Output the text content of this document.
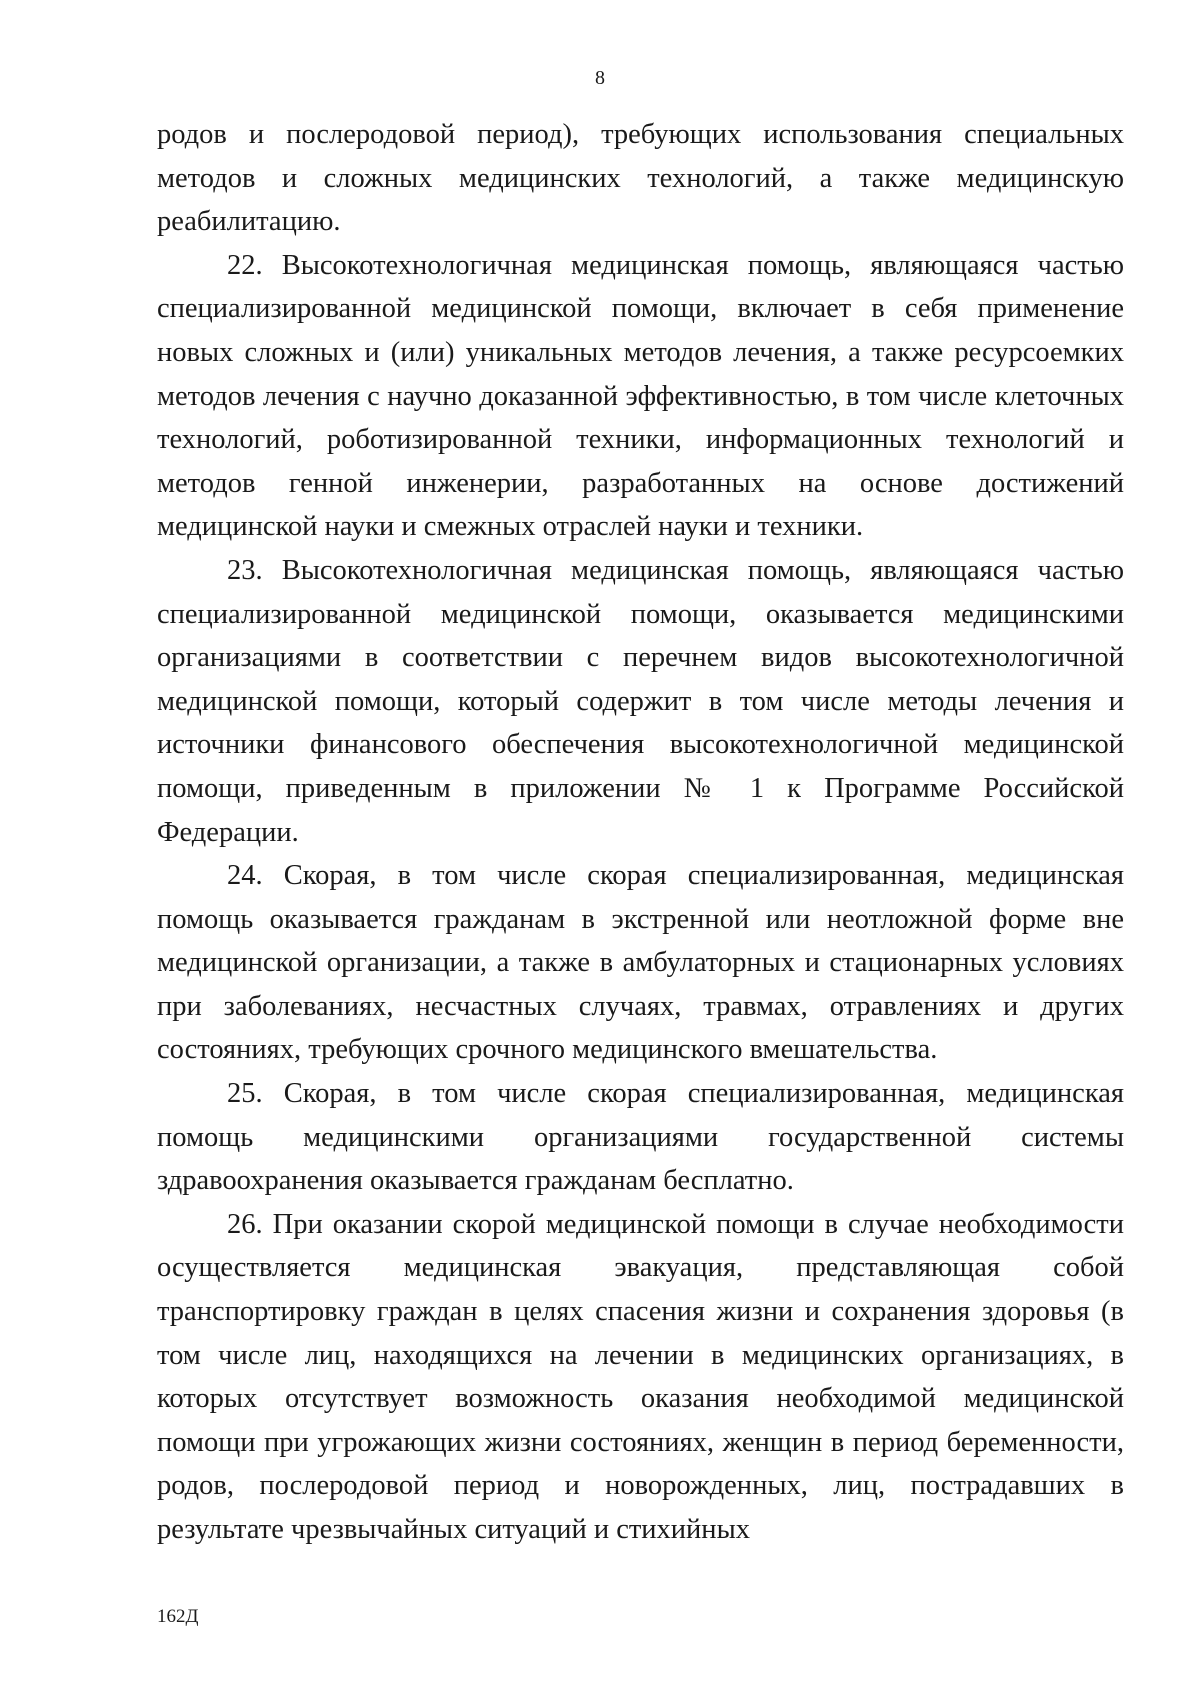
8

родов и послеродовой период), требующих использования специальных методов и сложных медицинских технологий, а также медицинскую реабилитацию.

22. Высокотехнологичная медицинская помощь, являющаяся частью специализированной медицинской помощи, включает в себя применение новых сложных и (или) уникальных методов лечения, а также ресурсоемких методов лечения с научно доказанной эффективностью, в том числе клеточных технологий, роботизированной техники, информационных технологий и методов генной инженерии, разработанных на основе достижений медицинской науки и смежных отраслей науки и техники.

23. Высокотехнологичная медицинская помощь, являющаяся частью специализированной медицинской помощи, оказывается медицинскими организациями в соответствии с перечнем видов высокотехнологичной медицинской помощи, который содержит в том числе методы лечения и источники финансового обеспечения высокотехнологичной медицинской помощи, приведенным в приложении № 1 к Программе Российской Федерации.

24. Скорая, в том числе скорая специализированная, медицинская помощь оказывается гражданам в экстренной или неотложной форме вне медицинской организации, а также в амбулаторных и стационарных условиях при заболеваниях, несчастных случаях, травмах, отравлениях и других состояниях, требующих срочного медицинского вмешательства.

25. Скорая, в том числе скорая специализированная, медицинская помощь медицинскими организациями государственной системы здравоохранения оказывается гражданам бесплатно.

26. При оказании скорой медицинской помощи в случае необходимости осуществляется медицинская эвакуация, представляющая собой транспортировку граждан в целях спасения жизни и сохранения здоровья (в том числе лиц, находящихся на лечении в медицинских организациях, в которых отсутствует возможность оказания необходимой медицинской помощи при угрожающих жизни состояниях, женщин в период беременности, родов, послеродовой период и новорожденных, лиц, пострадавших в результате чрезвычайных ситуаций и стихийных

162Д
